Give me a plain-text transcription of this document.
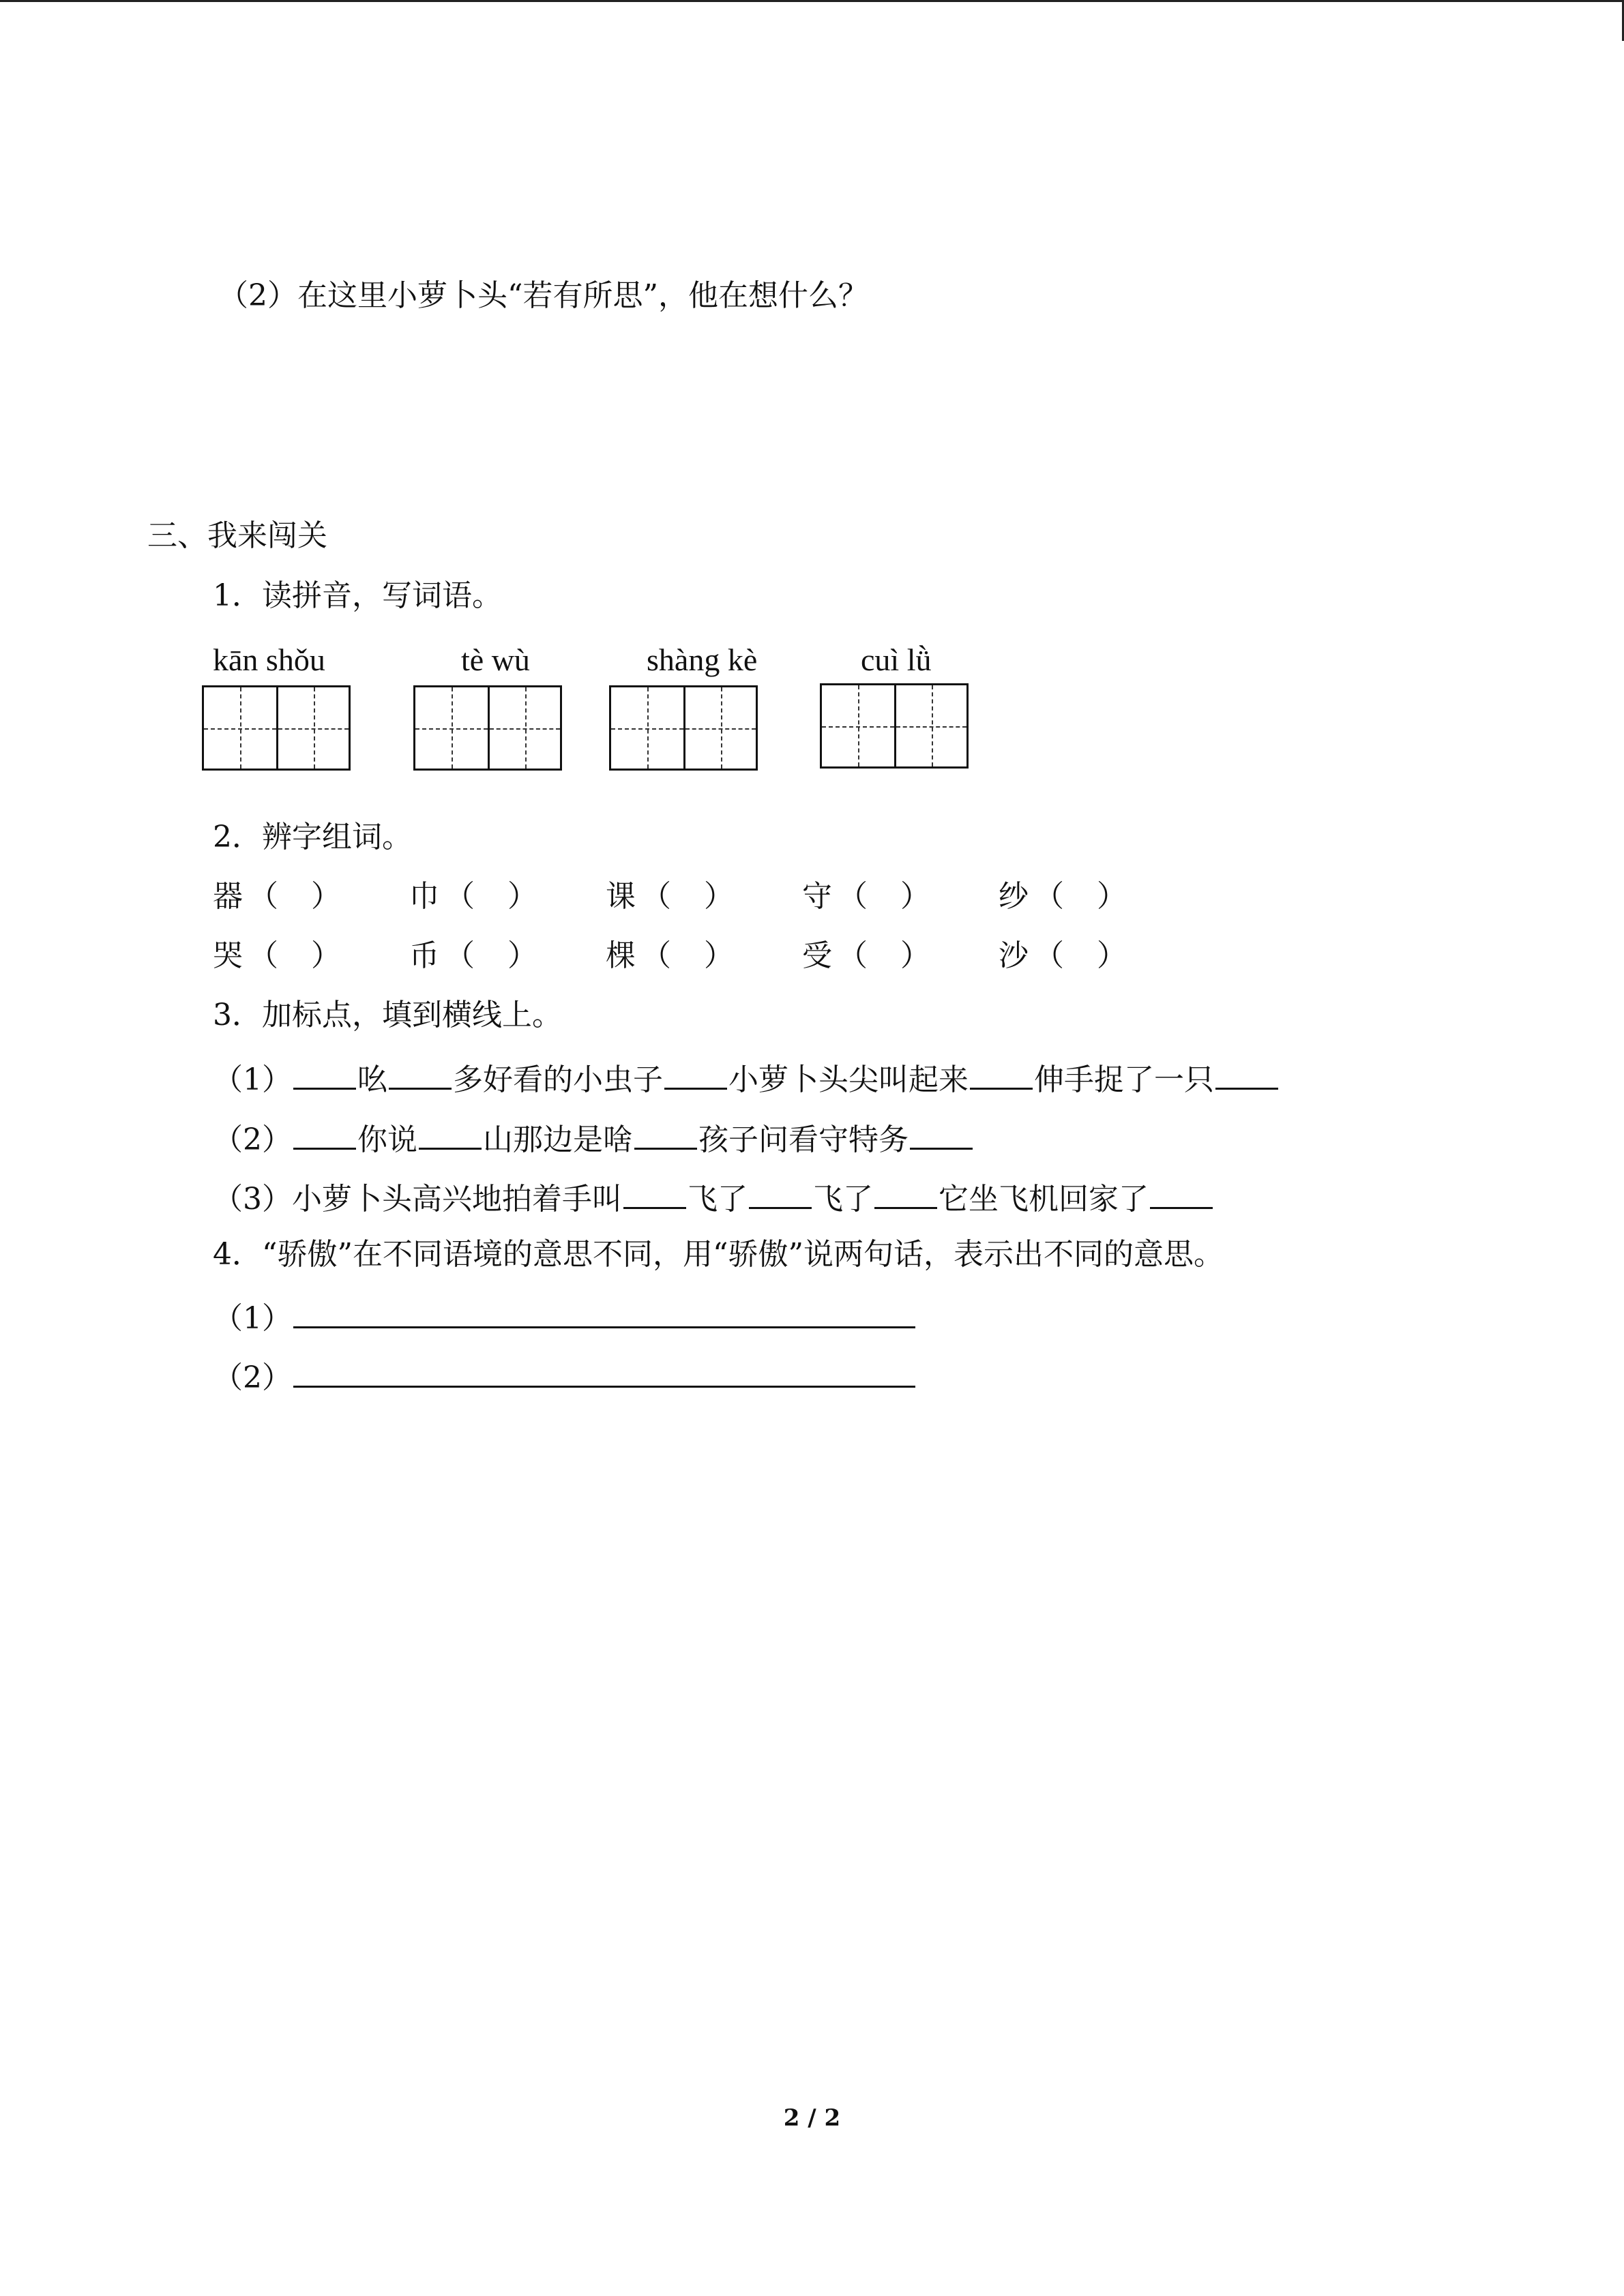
（2）在这里小萝卜头“若有所思”，他在想什么？
三、我来闯关
1．读拼音，写词语。
kān shǒu	tè wù	shàng kè	cuì lǜ
2．辨字组词。
器 （ ）
巾 （ ）
课 （ ）
守 （ ）
纱 （ ）

哭 （ ）
币 （ ）
棵 （ ）
受 （ ）
沙 （ ）

3．加标点，填到横线上。
（1） 吆 多好看的小虫子 小萝卜头尖叫起来 伸手捉了一只
（2） 你说 山那边是啥 孩子问看守特务
（3）小萝卜头高兴地拍着手叫 飞了 飞了 它坐飞机回家了
4．“骄傲”在不同语境的意思不同，用“骄傲”说两句话，表示出不同的意思。
（1）
（2）
2 / 2
